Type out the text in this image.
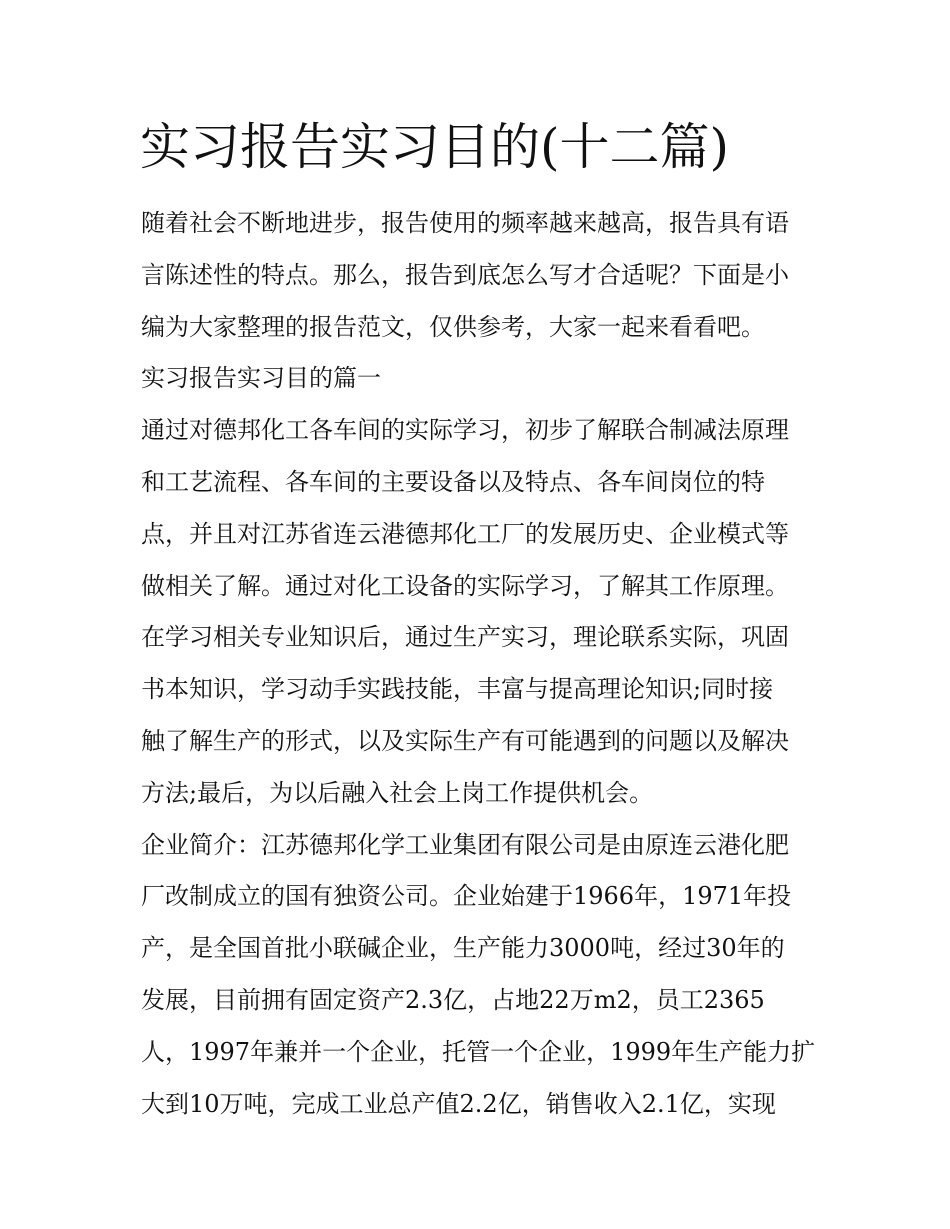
实习报告实习目的(十二篇)

随着社会不断地进步，报告使用的频率越来越高，报告具有语

言陈述性的特点。那么，报告到底怎么写才合适呢？下面是小

编为大家整理的报告范文，仅供参考，大家一起来看看吧。

实习报告实习目的篇一

通过对德邦化工各车间的实际学习，初步了解联合制减法原理

和工艺流程、各车间的主要设备以及特点、各车间岗位的特

点，并且对江苏省连云港德邦化工厂的发展历史、企业模式等

做相关了解。通过对化工设备的实际学习，了解其工作原理。

在学习相关专业知识后，通过生产实习，理论联系实际，巩固

书本知识，学习动手实践技能，丰富与提高理论知识;同时接

触了解生产的形式，以及实际生产有可能遇到的问题以及解决

方法;最后，为以后融入社会上岗工作提供机会。

企业简介：江苏德邦化学工业集团有限公司是由原连云港化肥

厂改制成立的国有独资公司。企业始建于1966年，1971年投

产，是全国首批小联碱企业，生产能力3000吨，经过30年的

发展，目前拥有固定资产2.3亿，占地22万m2，员工2365

人，1997年兼并一个企业，托管一个企业，1999年生产能力扩

大到10万吨，完成工业总产值2.2亿，销售收入2.1亿，实现
